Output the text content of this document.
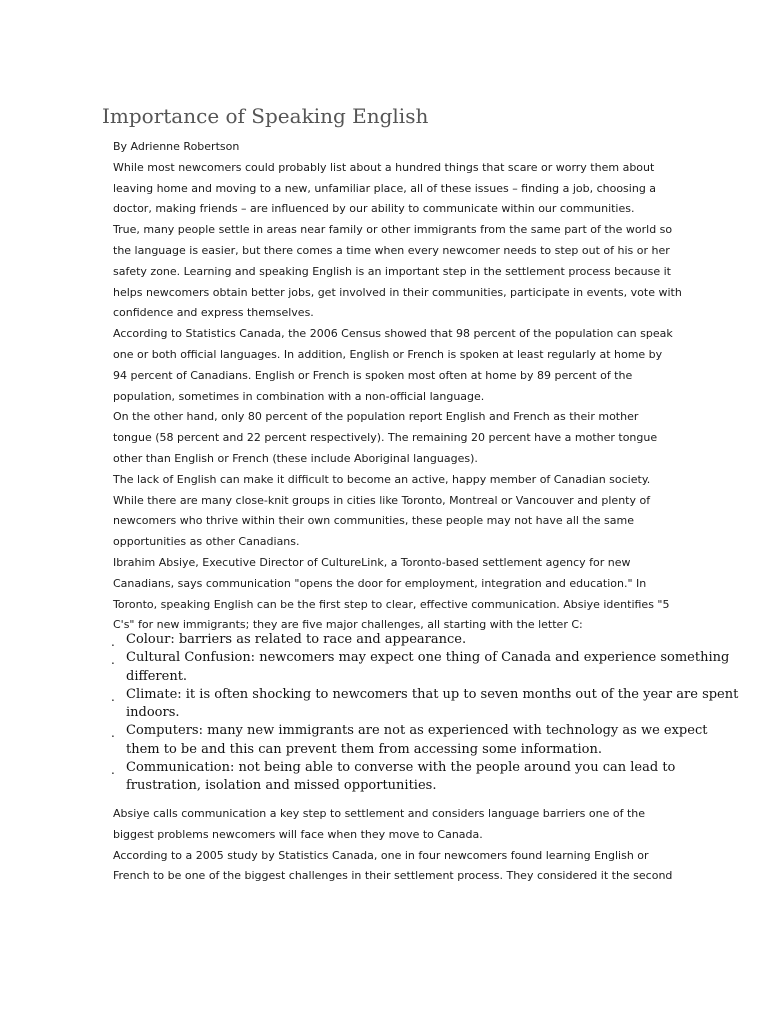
Importance of Speaking English

By Adrienne Robertson

While most newcomers could probably list about a hundred things that scare or worry them about
leaving home and moving to a new, unfamiliar place, all of these issues – finding a job, choosing a
doctor, making friends – are influenced by our ability to communicate within our communities.

True, many people settle in areas near family or other immigrants from the same part of the world so
the language is easier, but there comes a time when every newcomer needs to step out of his or her
safety zone. Learning and speaking English is an important step in the settlement process because it
helps newcomers obtain better jobs, get involved in their communities, participate in events, vote with
confidence and express themselves.

According to Statistics Canada, the 2006 Census showed that 98 percent of the population can speak
one or both official languages. In addition, English or French is spoken at least regularly at home by
94 percent of Canadians. English or French is spoken most often at home by 89 percent of the
population, sometimes in combination with a non-official language.

On the other hand, only 80 percent of the population report English and French as their mother
tongue (58 percent and 22 percent respectively). The remaining 20 percent have a mother tongue
other than English or French (these include Aboriginal languages).

The lack of English can make it difficult to become an active, happy member of Canadian society.
While there are many close-knit groups in cities like Toronto, Montreal or Vancouver and plenty of
newcomers who thrive within their own communities, these people may not have all the same
opportunities as other Canadians.

Ibrahim Absiye, Executive Director of CultureLink, a Toronto-based settlement agency for new
Canadians, says communication "opens the door for employment, integration and education." In
Toronto, speaking English can be the first step to clear, effective communication. Absiye identifies "5
C's" for new immigrants; they are five major challenges, all starting with the letter C:

. Colour: barriers as related to race and appearance.
. Cultural Confusion: newcomers may expect one thing of Canada and experience something
different.
. Climate: it is often shocking to newcomers that up to seven months out of the year are spent
indoors.
. Computers: many new immigrants are not as experienced with technology as we expect
them to be and this can prevent them from accessing some information.
. Communication: not being able to converse with the people around you can lead to
frustration, isolation and missed opportunities.

Absiye calls communication a key step to settlement and considers language barriers one of the
biggest problems newcomers will face when they move to Canada.

According to a 2005 study by Statistics Canada, one in four newcomers found learning English or
French to be one of the biggest challenges in their settlement process. They considered it the second
